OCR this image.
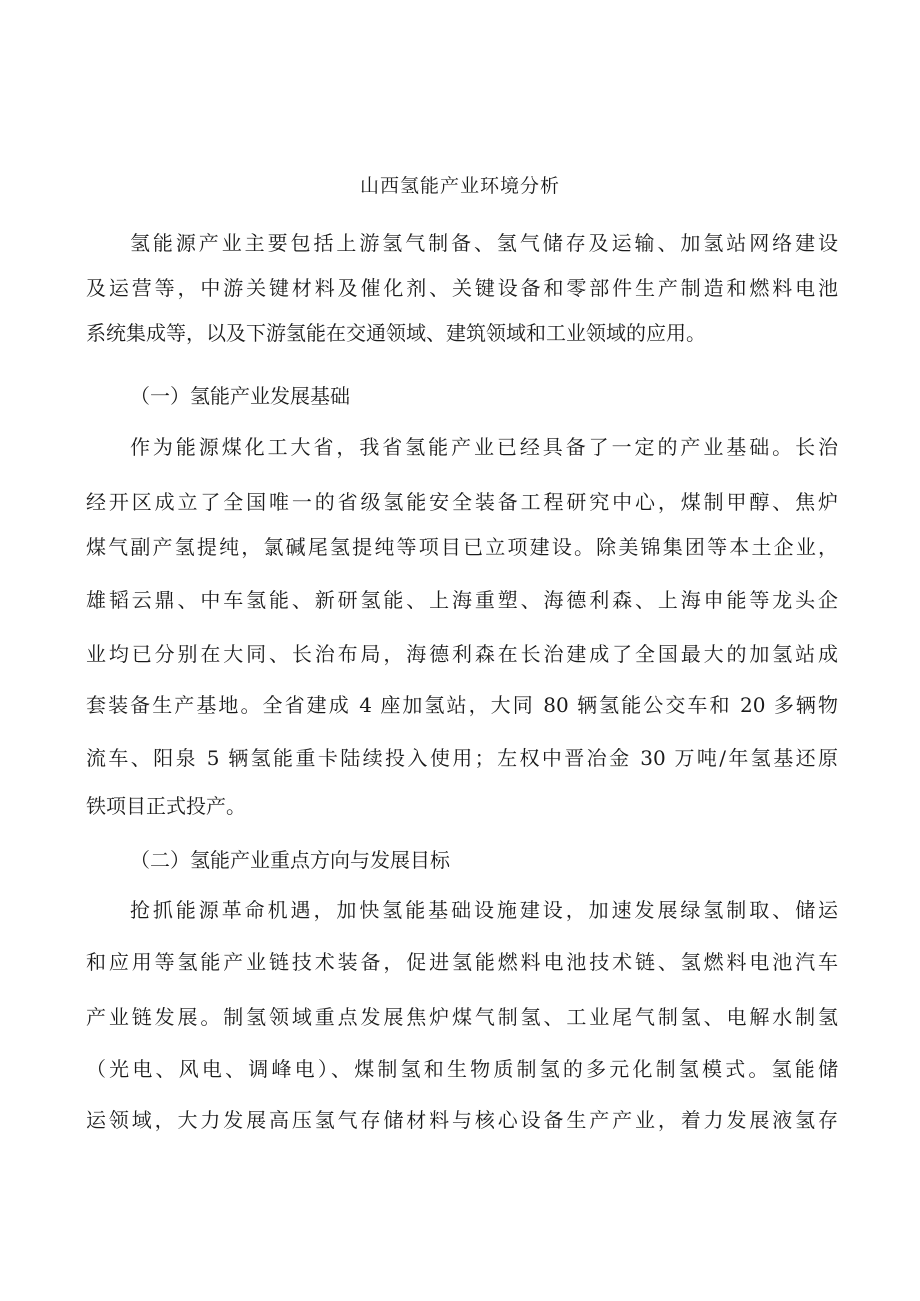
山西氢能产业环境分析
氢能源产业主要包括上游氢气制备、氢气储存及运输、加氢站网络建设
及运营等，中游关键材料及催化剂、关键设备和零部件生产制造和燃料电池
系统集成等，以及下游氢能在交通领域、建筑领域和工业领域的应用。
（一）氢能产业发展基础
作为能源煤化工大省，我省氢能产业已经具备了一定的产业基础。长治
经开区成立了全国唯一的省级氢能安全装备工程研究中心，煤制甲醇、焦炉
煤气副产氢提纯，氯碱尾氢提纯等项目已立项建设。除美锦集团等本土企业，
雄韬云鼎、中车氢能、新研氢能、上海重塑、海德利森、上海申能等龙头企
业均已分别在大同、长治布局，海德利森在长治建成了全国最大的加氢站成
套装备生产基地。全省建成 4 座加氢站，大同 80 辆氢能公交车和 20 多辆物
流车、阳泉 5 辆氢能重卡陆续投入使用；左权中晋冶金 30 万吨/年氢基还原
铁项目正式投产。
（二）氢能产业重点方向与发展目标
抢抓能源革命机遇，加快氢能基础设施建设，加速发展绿氢制取、储运
和应用等氢能产业链技术装备，促进氢能燃料电池技术链、氢燃料电池汽车
产业链发展。制氢领域重点发展焦炉煤气制氢、工业尾气制氢、电解水制氢
（光电、风电、调峰电）、煤制氢和生物质制氢的多元化制氢模式。氢能储
运领域，大力发展高压氢气存储材料与核心设备生产产业，着力发展液氢存
